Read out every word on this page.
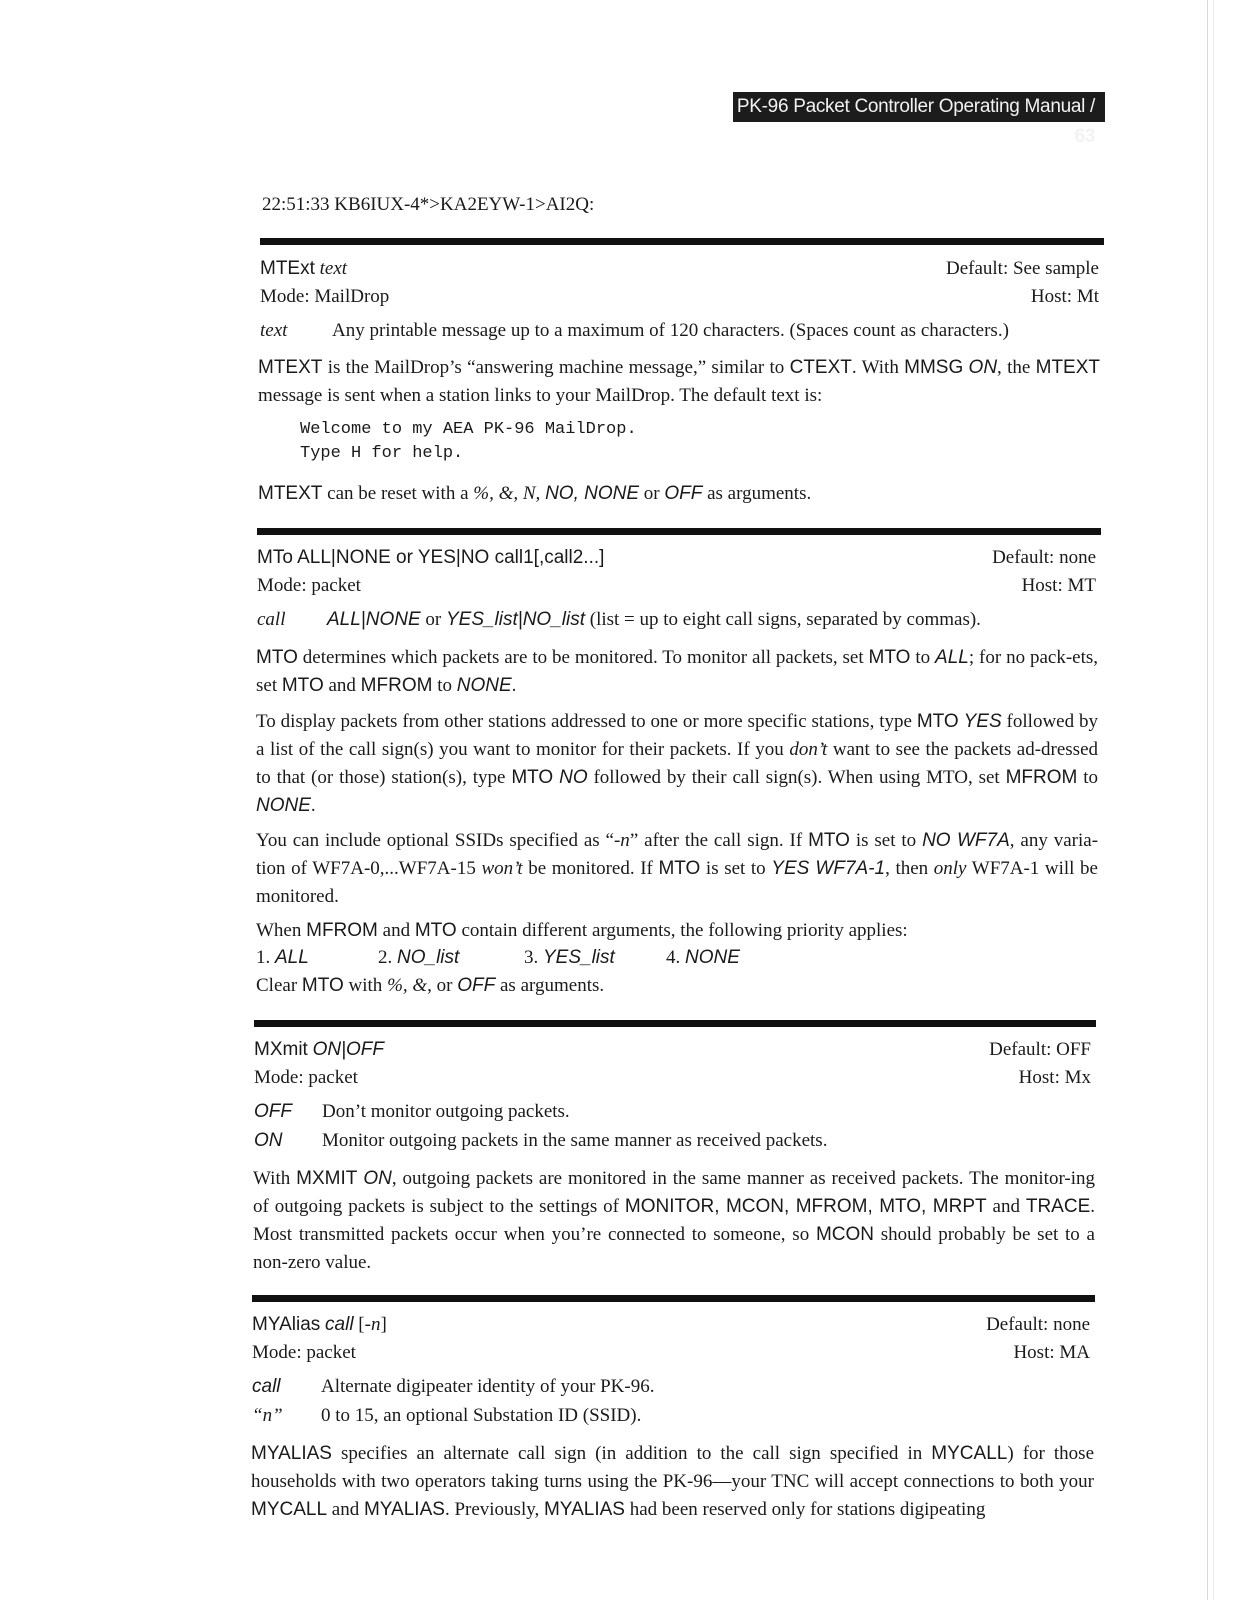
PK-96 Packet Controller Operating Manual / 63
22:51:33 KB6IUX-4*>KA2EYW-1>AI2Q:
MTExt text	Default: See sample
Mode: MailDrop	Host: Mt
text Any printable message up to a maximum of 120 characters. (Spaces count as characters.)
MTEXT is the MailDrop’s “answering machine message,” similar to CTEXT. With MMSG ON, the MTEXT message is sent when a station links to your MailDrop. The default text is:
Welcome to my AEA PK-96 MailDrop.
Type H for help.
MTEXT can be reset with a %, &, N, NO, NONE or OFF as arguments.
MTo ALL|NONE or YES|NO call1[,call2...]	Default: none
Mode: packet	Host: MT
call ALL|NONE or YES_list|NO_list (list = up to eight call signs, separated by commas).
MTO determines which packets are to be monitored. To monitor all packets, set MTO to ALL; for no pack-ets, set MTO and MFROM to NONE.
To display packets from other stations addressed to one or more specific stations, type MTO YES followed by a list of the call sign(s) you want to monitor for their packets. If you don’t want to see the packets ad-dressed to that (or those) station(s), type MTO NO followed by their call sign(s). When using MTO, set MFROM to NONE.
You can include optional SSIDs specified as “-n” after the call sign. If MTO is set to NO WF7A, any varia-tion of WF7A-0,...WF7A-15 won’t be monitored. If MTO is set to YES WF7A-1, then only WF7A-1 will be monitored.
When MFROM and MTO contain different arguments, the following priority applies:
1. ALL	2. NO_list	3. YES_list	4. NONE
Clear MTO with %, &, or OFF as arguments.
MXmit ON|OFF	Default: OFF
Mode: packet	Host: Mx
OFF Don’t monitor outgoing packets.
ON Monitor outgoing packets in the same manner as received packets.
With MXMIT ON, outgoing packets are monitored in the same manner as received packets. The monitor-ing of outgoing packets is subject to the settings of MONITOR, MCON, MFROM, MTO, MRPT and TRACE. Most transmitted packets occur when you’re connected to someone, so MCON should probably be set to a non-zero value.
MYAlias call [-n]	Default: none
Mode: packet	Host: MA
call Alternate digipeater identity of your PK-96.
“n” 0 to 15, an optional Substation ID (SSID).
MYALIAS specifies an alternate call sign (in addition to the call sign specified in MYCALL) for those households with two operators taking turns using the PK-96—your TNC will accept connections to both your MYCALL and MYALIAS. Previously, MYALIAS had been reserved only for stations digipeating
